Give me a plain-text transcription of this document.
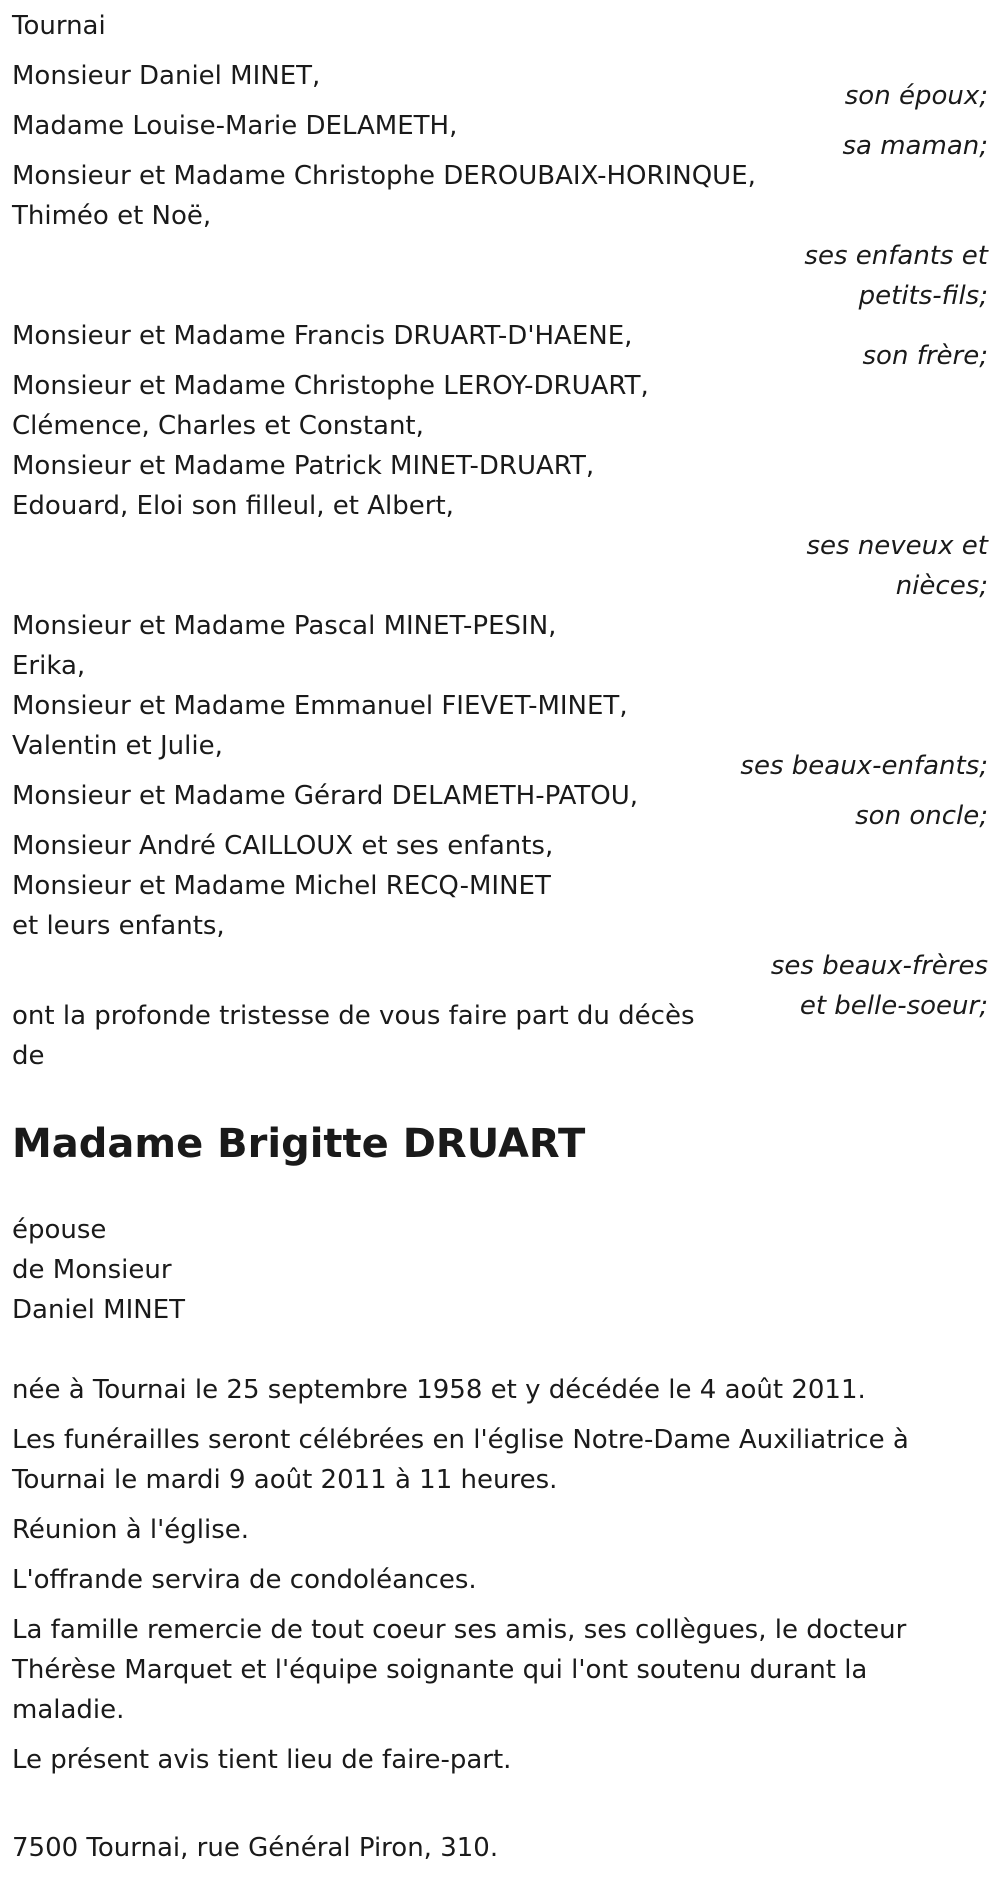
Tournai
Monsieur Daniel MINET,
son époux;
Madame Louise-Marie DELAMETH,
sa maman;
Monsieur et Madame Christophe DEROUBAIX-HORINQUE,
Thiméo et Noë,
ses enfants et petits-fils;
Monsieur et Madame Francis DRUART-D'HAENE,
son frère;
Monsieur et Madame Christophe LEROY-DRUART,
Clémence, Charles et Constant,
Monsieur et Madame Patrick MINET-DRUART,
Edouard, Eloi son filleul, et Albert,
ses neveux et nièces;
Monsieur et Madame Pascal MINET-PESIN,
Erika,
Monsieur et Madame Emmanuel FIEVET-MINET,
Valentin et Julie,
ses beaux-enfants;
Monsieur et Madame Gérard DELAMETH-PATOU,
son oncle;
Monsieur André CAILLOUX et ses enfants,
Monsieur et Madame Michel RECQ-MINET
et leurs enfants,
ses beaux-frères et belle-soeur;
ont la profonde tristesse de vous faire part du décès de
Madame Brigitte DRUART
épouse
de Monsieur
Daniel MINET
née à Tournai le 25 septembre 1958 et y décédée le 4 août 2011.
Les funérailles seront célébrées en l'église Notre-Dame Auxiliatrice à Tournai le mardi 9 août 2011 à 11 heures.
Réunion à l'église.
L'offrande servira de condoléances.
La famille remercie de tout coeur ses amis, ses collègues, le docteur Thérèse Marquet et l'équipe soignante qui l'ont soutenu durant la maladie.
Le présent avis tient lieu de faire-part.
7500 Tournai, rue Général Piron, 310.
